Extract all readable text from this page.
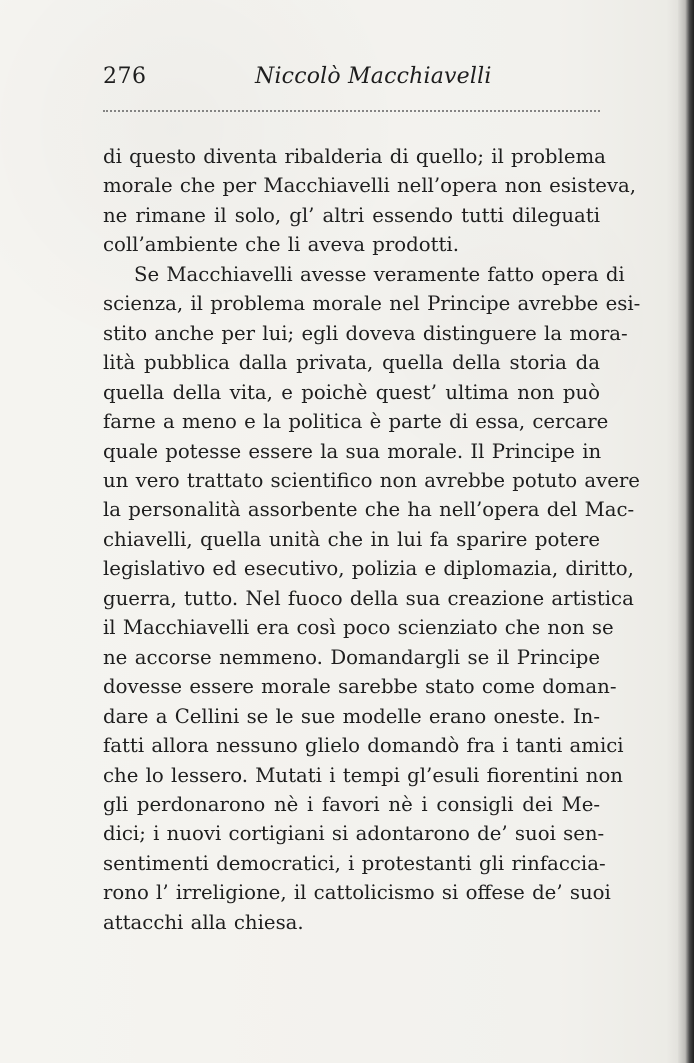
276	Niccolò Macchiavelli
di questo diventa ribalderia di quello; il problema
morale che per Macchiavelli nell’opera non esisteva,
ne rimane il solo, gl’ altri essendo tutti dileguati
coll’ambiente che li aveva prodotti.
Se Macchiavelli avesse veramente fatto opera di
scienza, il problema morale nel Principe avrebbe esi-
stito anche per lui; egli doveva distinguere la mora-
lità pubblica dalla privata, quella della storia da
quella della vita, e poichè quest’ ultima non può
farne a meno e la politica è parte di essa, cercare
quale potesse essere la sua morale. Il Principe in
un vero trattato scientifico non avrebbe potuto avere
la personalità assorbente che ha nell’opera del Mac-
chiavelli, quella unità che in lui fa sparire potere
legislativo ed esecutivo, polizia e diplomazia, diritto,
guerra, tutto. Nel fuoco della sua creazione artistica
il Macchiavelli era così poco scienziato che non se
ne accorse nemmeno. Domandargli se il Principe
dovesse essere morale sarebbe stato come doman-
dare a Cellini se le sue modelle erano oneste. In-
fatti allora nessuno glielo domandò fra i tanti amici
che lo lessero. Mutati i tempi gl’esuli fiorentini non
gli perdonarono nè i favori nè i consigli dei Me-
dici; i nuovi cortigiani si adontarono de’ suoi sen-
sentimenti democratici, i protestanti gli rinfaccia-
rono l’ irreligione, il cattolicismo si offese de’ suoi
attacchi alla chiesa.
